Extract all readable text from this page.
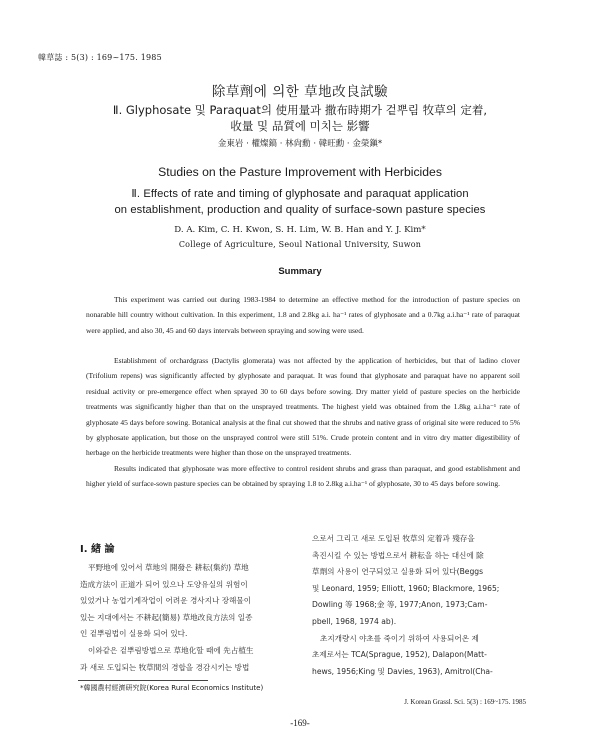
韓草誌 : 5(3) : 169~175. 1985
除草劑에 의한 草地改良試驗
Ⅱ. Glyphosate 및 Paraquat의 使用量과 撒布時期가 겉뿌림 牧草의 定着,
收量 및 品質에 미치는 影響
金東岩 · 權燦鎬 · 林尙勳 · 韓旺勳 · 金榮鎭*
Studies on the Pasture Improvement with Herbicides
Ⅱ. Effects of rate and timing of glyphosate and paraquat application
on establishment, production and quality of surface-sown pasture species
D. A. Kim, C. H. Kwon, S. H. Lim, W. B. Han and Y. J. Kim*
College of Agriculture, Seoul National University, Suwon
Summary
This experiment was carried out during 1983-1984 to determine an effective method for the introduction of pasture species on nonarable hill country without cultivation. In this experiment, 1.8 and 2.8kg a.i. ha⁻¹ rates of glyphosate and a 0.7kg a.i.ha⁻¹ rate of paraquat were applied, and also 30, 45 and 60 days intervals between spraying and sowing were used.
Establishment of orchardgrass (Dactylis glomerata) was not affected by the application of herbicides, but that of ladino clover (Trifolium repens) was significantly affected by glyphosate and paraquat. It was found that glyphosate and paraquat have no apparent soil residual activity or pre-emergence effect when sprayed 30 to 60 days before sowing. Dry matter yield of pasture species on the herbicide treatments was significantly higher than that on the unsprayed treatments. The highest yield was obtained from the 1.8kg a.i.ha⁻¹ rate of glyphosate 45 days before sowing. Botanical analysis at the final cut showed that the shrubs and native grass of original site were reduced to 5% by glyphosate application, but those on the unsprayed control were still 51%. Crude protein content and in vitro dry matter digestibility of herbage on the herbicide treatments were higher than those on the unsprayed treatments.
Results indicated that glyphosate was more effective to control resident shrubs and grass than paraquat, and good establishment and higher yield of surface-sown pasture species can be obtained by spraying 1.8 to 2.8kg a.i.ha⁻¹ of glyphosate, 30 to 45 days before sowing.
Ⅰ. 緖 論
平野地에 있어서 草地의 開發은 耕耘(集約) 草地
造成方法이 正道가 되어 있으나 도양유실의 위험이
있었거나 농업기계작업이 어려운 경사지나 장해물이
있는 지대에서는 不耕起(簡易) 草地改良方法의 일종
인 겉뿌림법이 실용화 되어 있다.
이와같은 겉뿌림방법으로 草地化할 때에 先占植生
과 새로 도입되는 牧草間의 경합을 경감시키는 방법
으로서 그리고 새로 도입된 牧草의 定着과 殘存을
촉진시킬 수 있는 방법으로서 耕耘을 하는 대신에 除
草劑의 사용이 연구되었고 실용화 되어 있다(Beggs
및 Leonard, 1959; Elliott, 1960; Blackmore, 1965;
Dowling 等 1968;金 等, 1977;Anon, 1973;Cam-
pbell, 1968, 1974 ab).
초지개량시 야초를 죽이기 위하여 사용되어온 제
초제로서는 TCA(Sprague, 1952), Dalapon(Matt-
hews, 1956;King 및 Davies, 1963), Amitrol(Cha-
*韓國農村經濟硏究院(Korea Rural Economics Institute)
J. Korean Grassl. Sci. 5(3) : 169~175. 1985
-169-
